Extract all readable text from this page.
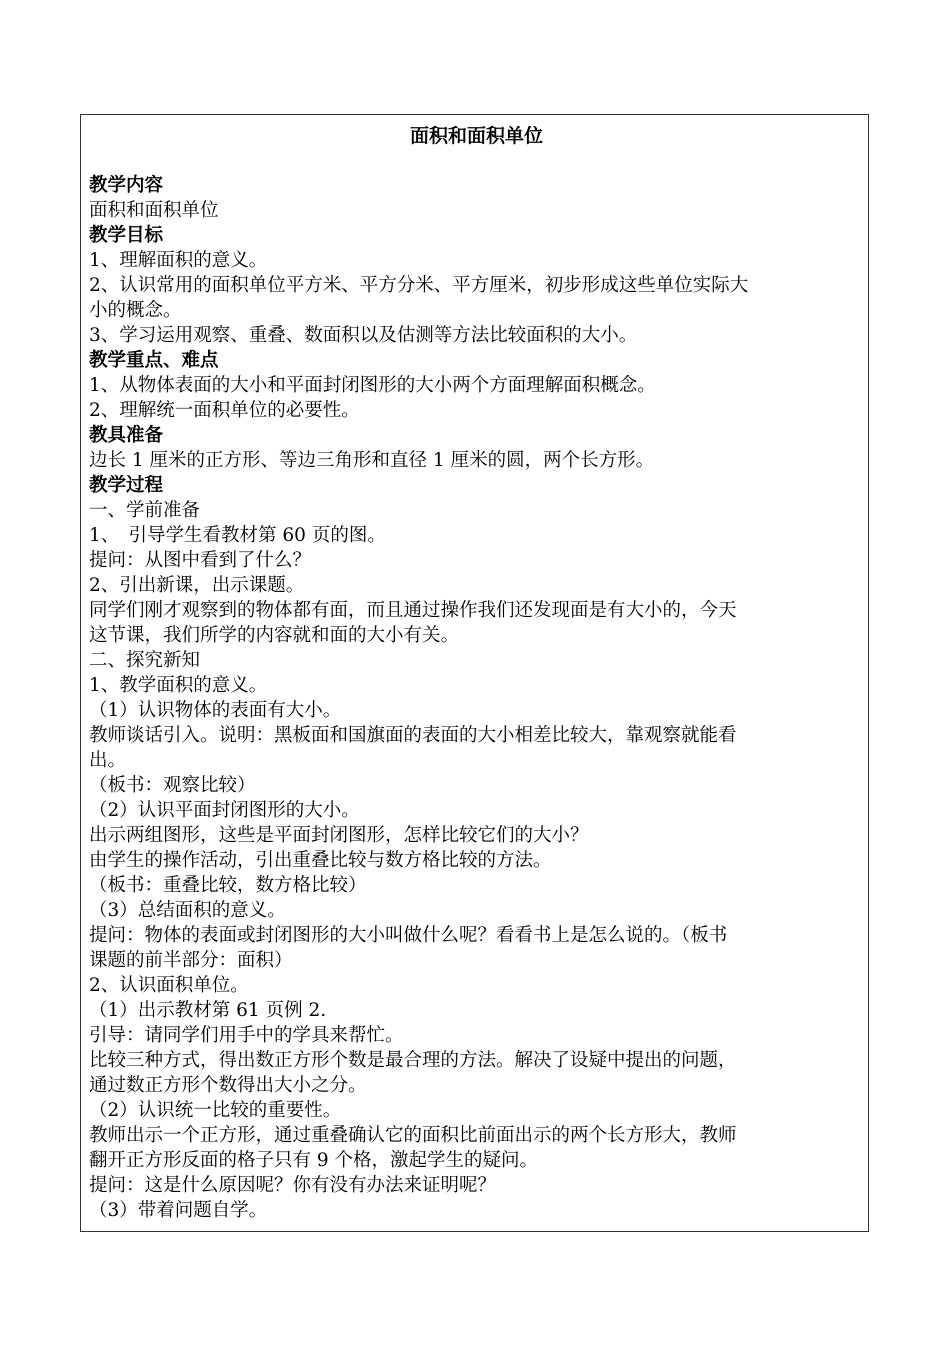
面积和面积单位
教学内容
面积和面积单位
教学目标
1、理解面积的意义。
2、认识常用的面积单位平方米、平方分米、平方厘米，初步形成这些单位实际大
小的概念。
3、学习运用观察、重叠、数面积以及估测等方法比较面积的大小。
教学重点、难点
1、从物体表面的大小和平面封闭图形的大小两个方面理解面积概念。
2、理解统一面积单位的必要性。
教具准备
边长 1 厘米的正方形、等边三角形和直径 1 厘米的圆，两个长方形。
教学过程
一、学前准备
1、　引导学生看教材第 60 页的图。
提问：从图中看到了什么？
2、引出新课，出示课题。
同学们刚才观察到的物体都有面，而且通过操作我们还发现面是有大小的，今天
这节课，我们所学的内容就和面的大小有关。
二、探究新知
1、教学面积的意义。
（1）认识物体的表面有大小。
教师谈话引入。说明：黑板面和国旗面的表面的大小相差比较大，靠观察就能看
出。
（板书：观察比较）
（2）认识平面封闭图形的大小。
出示两组图形，这些是平面封闭图形，怎样比较它们的大小？
由学生的操作活动，引出重叠比较与数方格比较的方法。
（板书：重叠比较，数方格比较）
（3）总结面积的意义。
提问：物体的表面或封闭图形的大小叫做什么呢？看看书上是怎么说的。（板书
课题的前半部分：面积）
2、认识面积单位。
（1）出示教材第 61 页例 2.
引导：请同学们用手中的学具来帮忙。
比较三种方式，得出数正方形个数是最合理的方法。解决了设疑中提出的问题，
通过数正方形个数得出大小之分。
（2）认识统一比较的重要性。
教师出示一个正方形，通过重叠确认它的面积比前面出示的两个长方形大，教师
翻开正方形反面的格子只有 9 个格，激起学生的疑问。
提问：这是什么原因呢？你有没有办法来证明呢？
（3）带着问题自学。
